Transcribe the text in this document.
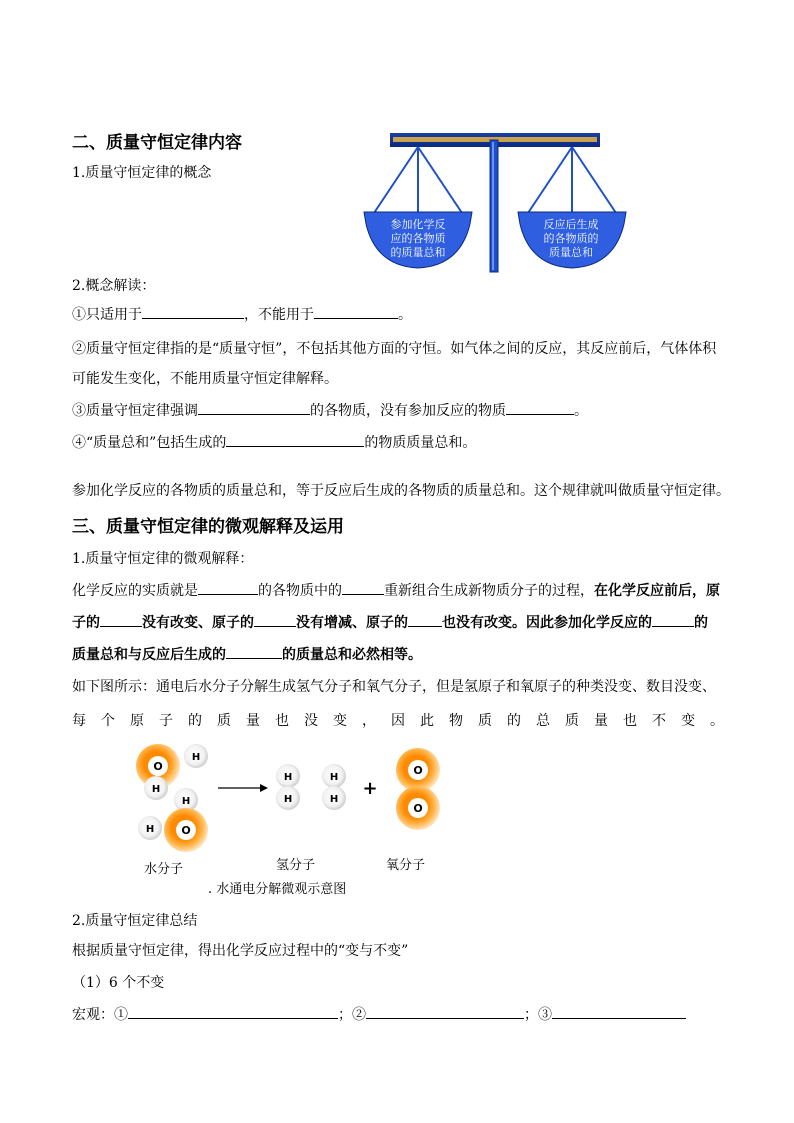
二、质量守恒定律内容
1.质量守恒定律的概念
参加化学反
应的各物质
的质量总和
反应后生成
的各物质的
质量总和
2.概念解读：
①只适用于	，不能用于	。
②质量守恒定律指的是“质量守恒”，不包括其他方面的守恒。如气体之间的反应，其反应前后，气体体积
可能发生变化，不能用质量守恒定律解释。
③质量守恒定律强调	的各物质，没有参加反应的物质	。
④“质量总和”包括生成的	的物质质量总和。
参加化学反应的各物质的质量总和，等于反应后生成的各物质的质量总和。这个规律就叫做质量守恒定律。
三、质量守恒定律的微观解释及运用
1.质量守恒定律的微观解释：
化学反应的实质就是	的各物质中的	重新组合生成新物质分子的过程，在化学反应前后，原
子的	没有改变、原子的	没有增减、原子的 也没有改变。因此参加化学反应的	的
质量总和与反应后生成的	的质量总和必然相等。
如下图所示：通电后水分子分解生成氢气分子和氧气分子，但是氢原子和氧原子的种类没变、数目没变、
每 个 原 子 的 质 量 也 没 变 ， 因 此 物 质 的 总 质 量 也 不 变 。
O
H
H
H
H O
H
H
H
H
+
O
O
水分子	氢分子	氧分子
. 水通电分解微观示意图
2.质量守恒定律总结
根据质量守恒定律，得出化学反应过程中的“变与不变”
（1）6 个不变
宏观：①	；②	；③
